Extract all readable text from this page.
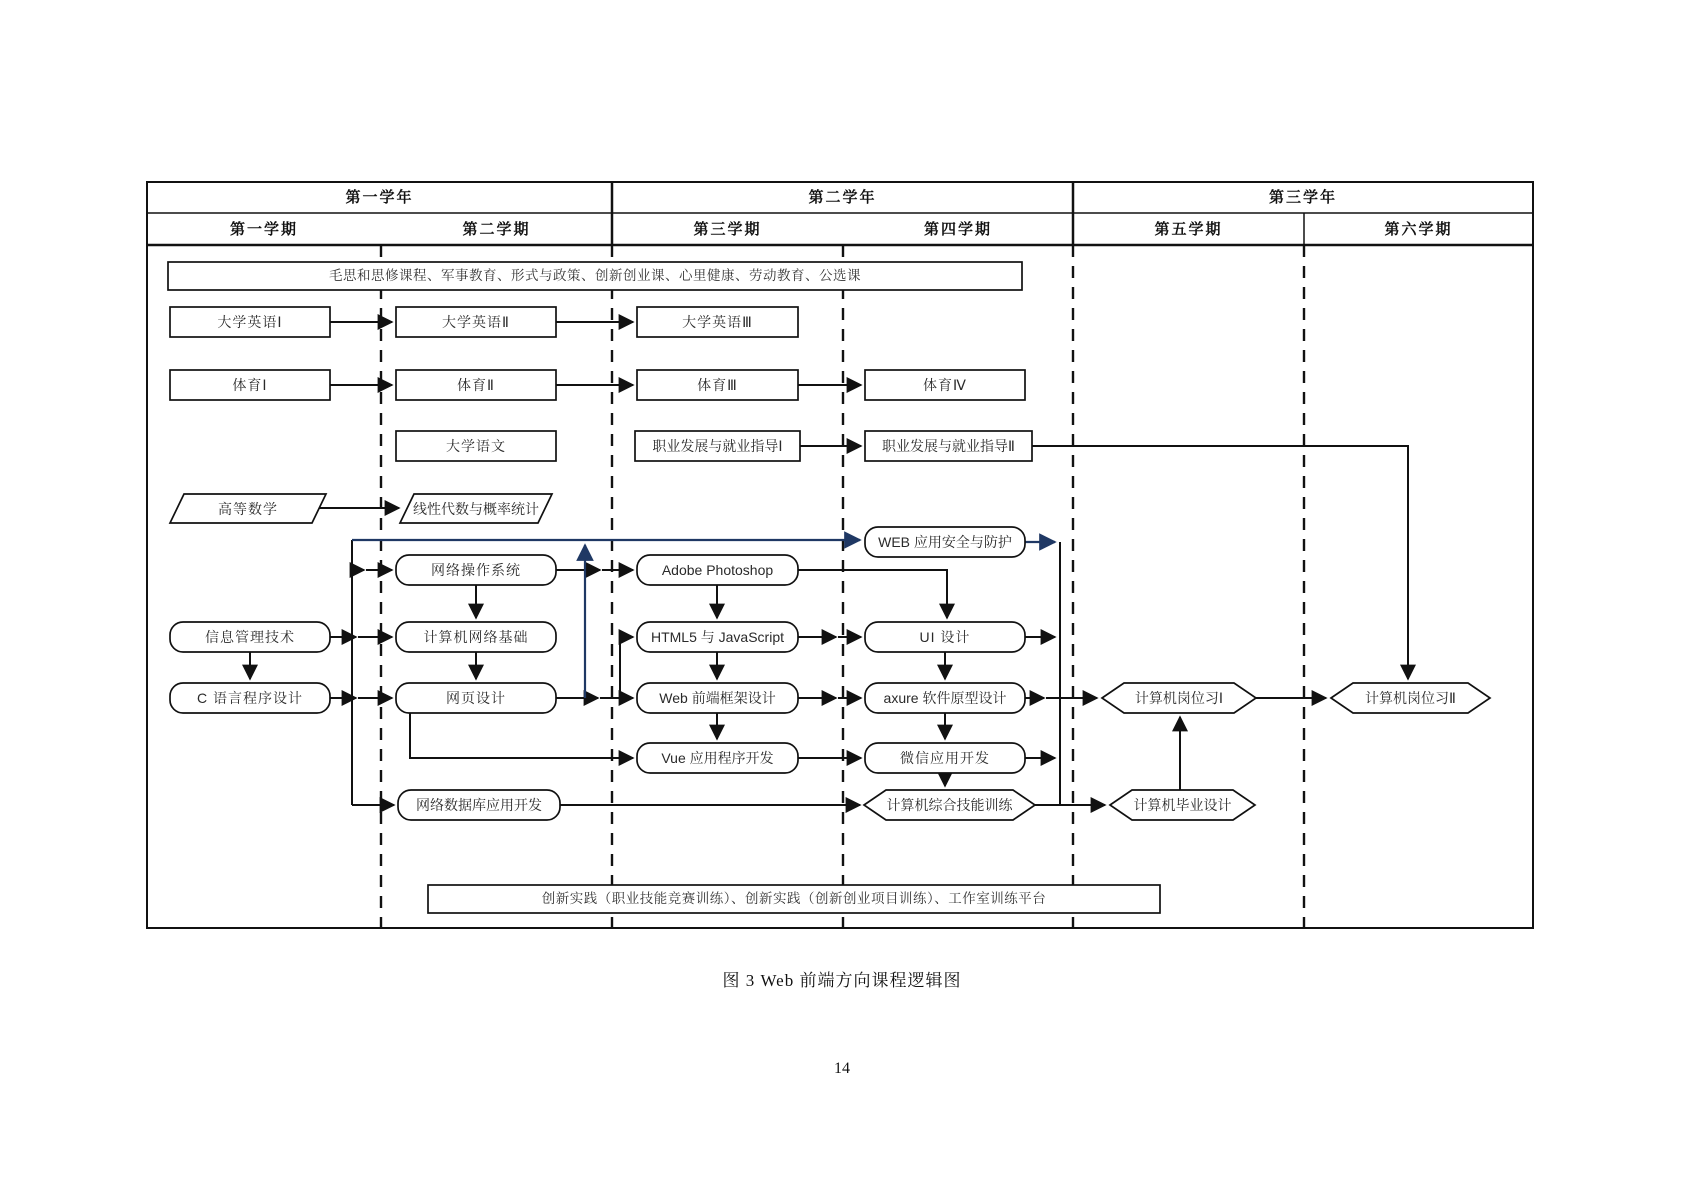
第一学年	第二学年	第三学年
第一学期	第二学期	第三学期	第四学期	第五学期	第六学期
毛思和思修课程、军事教育、形式与政策、创新创业课、心里健康、劳动教育、公选课
创新实践（职业技能竞赛训练）、创新实践（创新创业项目训练）、工作室训练平台
大学英语Ⅰ	大学英语Ⅱ	大学英语Ⅲ
体育Ⅰ	体育Ⅱ	体育Ⅲ	体育Ⅳ
大学语文	职业发展与就业指导Ⅰ	职业发展与就业指导Ⅱ
高等数学	线性代数与概率统计
WEB 应用安全与防护
网络操作系统	Adobe Photoshop
信息管理技术	计算机网络基础	HTML5 与 JavaScript	UI 设计
C 语言程序设计	网页设计	Web 前端框架设计	axure 软件原型设计
Vue 应用程序开发	微信应用开发
网络数据库应用开发	计算机综合技能训练	计算机毕业设计
计算机岗位习Ⅰ	计算机岗位习Ⅱ
图 3 Web 前端方向课程逻辑图
14
